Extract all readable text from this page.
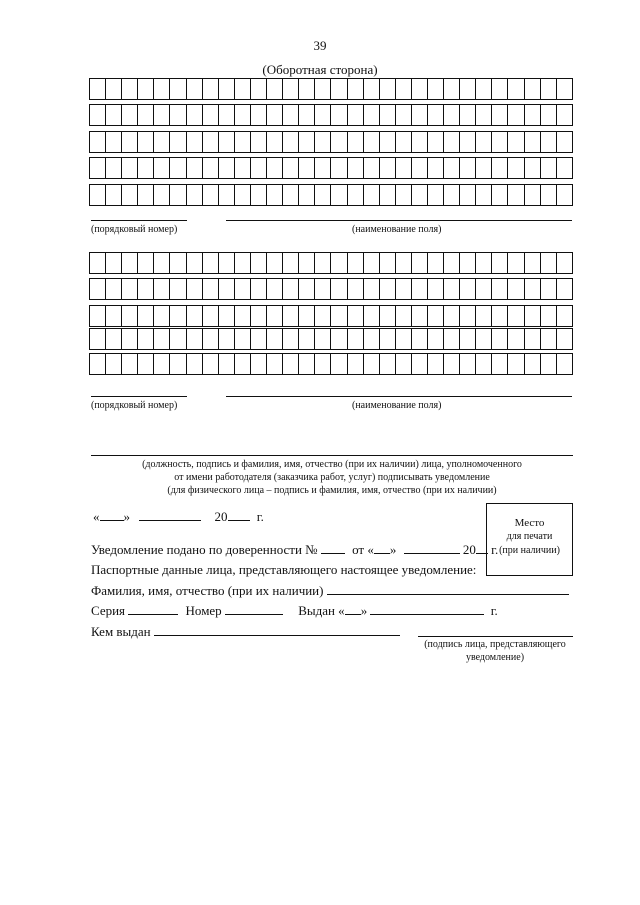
39
(Оборотная сторона)
(порядковый номер)	(наименование поля)
(порядковый номер)	(наименование поля)
(должность, подпись и фамилия, имя, отчество (при их наличии) лица, уполномоченного
от имени работодателя (заказчика работ, услуг) подписывать уведомление
(для физического лица – подпись и фамилия, имя, отчество (при их наличии)
« »	20 г.	Место
для печати
(при наличии)
Уведомление подано по доверенности №	от « »	20 г.
Паспортные данные лица, представляющего настоящее уведомление:
Фамилия, имя, отчество (при их наличии)
Серия	Номер	Выдан « »	г.
Кем выдан
(подпись лица, представляющего
уведомление)
